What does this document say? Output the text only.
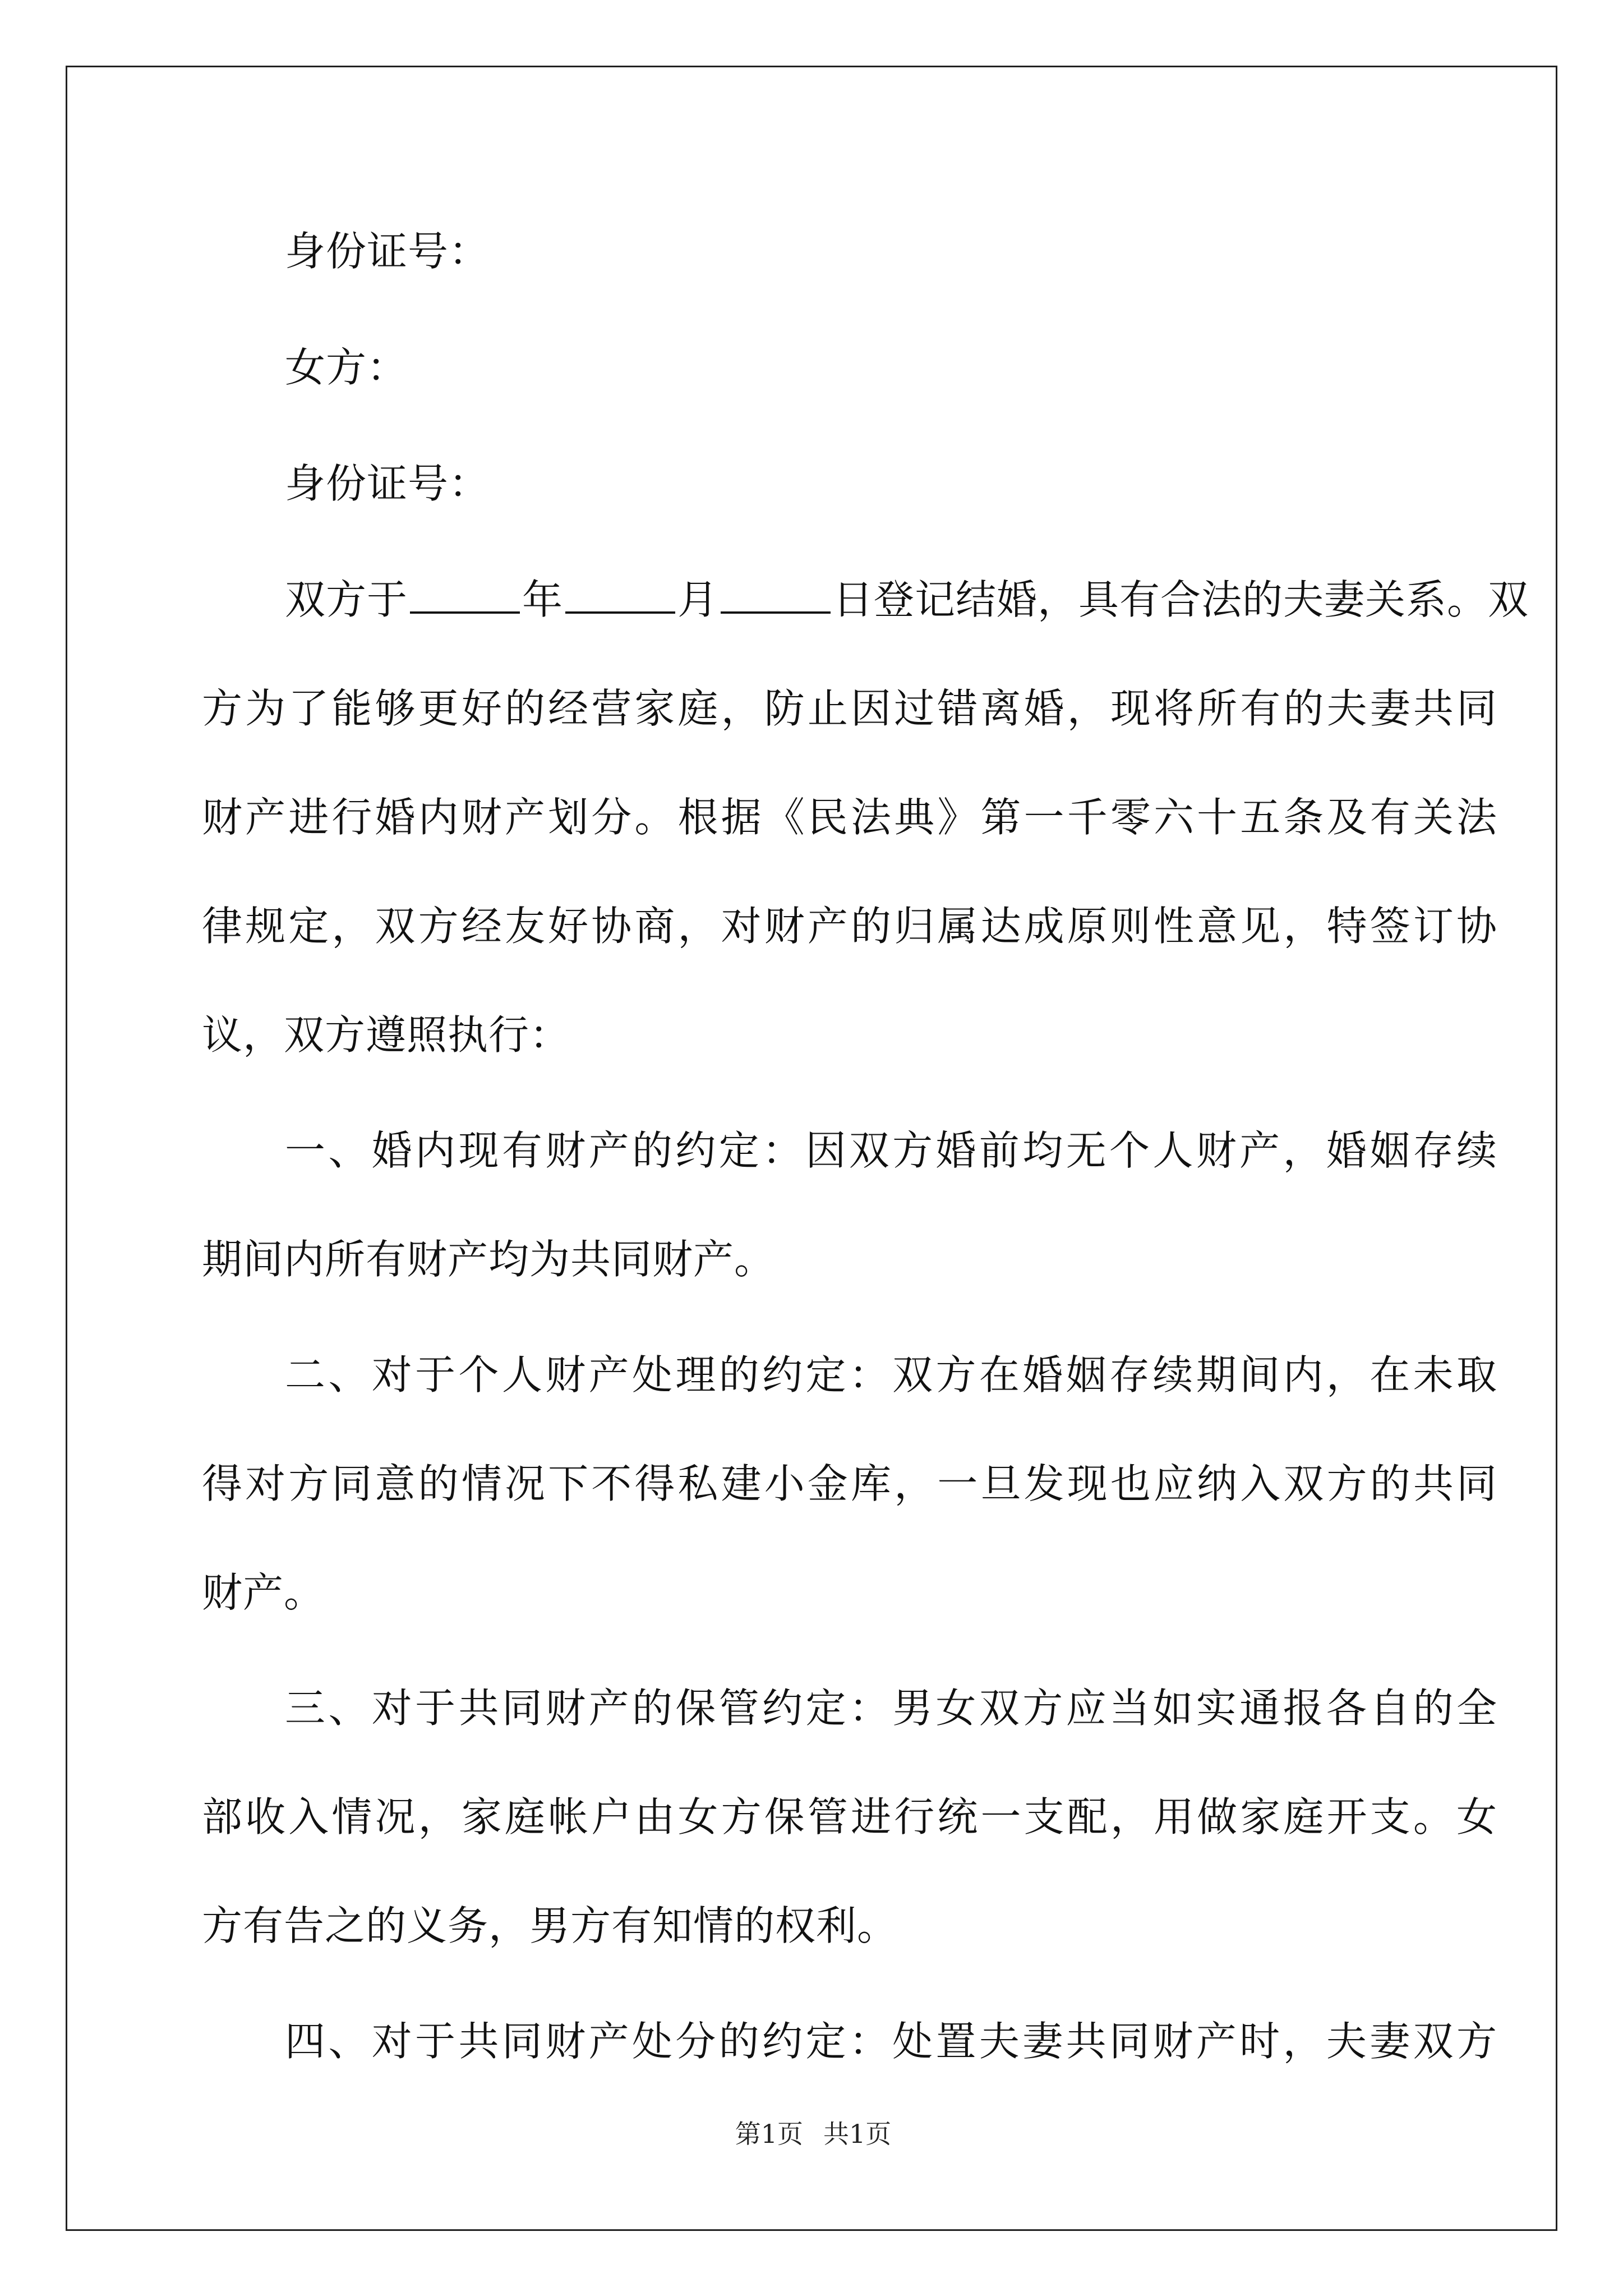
身份证号：
女方：
身份证号：
双方于	年	月	日登记结婚，具有合法的夫妻关系。双
方为了能够更好的经营家庭，防止因过错离婚，现将所有的夫妻共同
财产进行婚内财产划分。根据《民法典》第一千零六十五条及有关法
律规定，双方经友好协商，对财产的归属达成原则性意见，特签订协
议，双方遵照执行：
一、婚内现有财产的约定：因双方婚前均无个人财产，婚姻存续
期间内所有财产均为共同财产。
二、对于个人财产处理的约定：双方在婚姻存续期间内，在未取
得对方同意的情况下不得私建小金库，一旦发现也应纳入双方的共同
财产。
三、对于共同财产的保管约定：男女双方应当如实通报各自的全
部收入情况，家庭帐户由女方保管进行统一支配，用做家庭开支。女
方有告之的义务，男方有知情的权利。
四、对于共同财产处分的约定：处置夫妻共同财产时，夫妻双方
第1页 共1页
